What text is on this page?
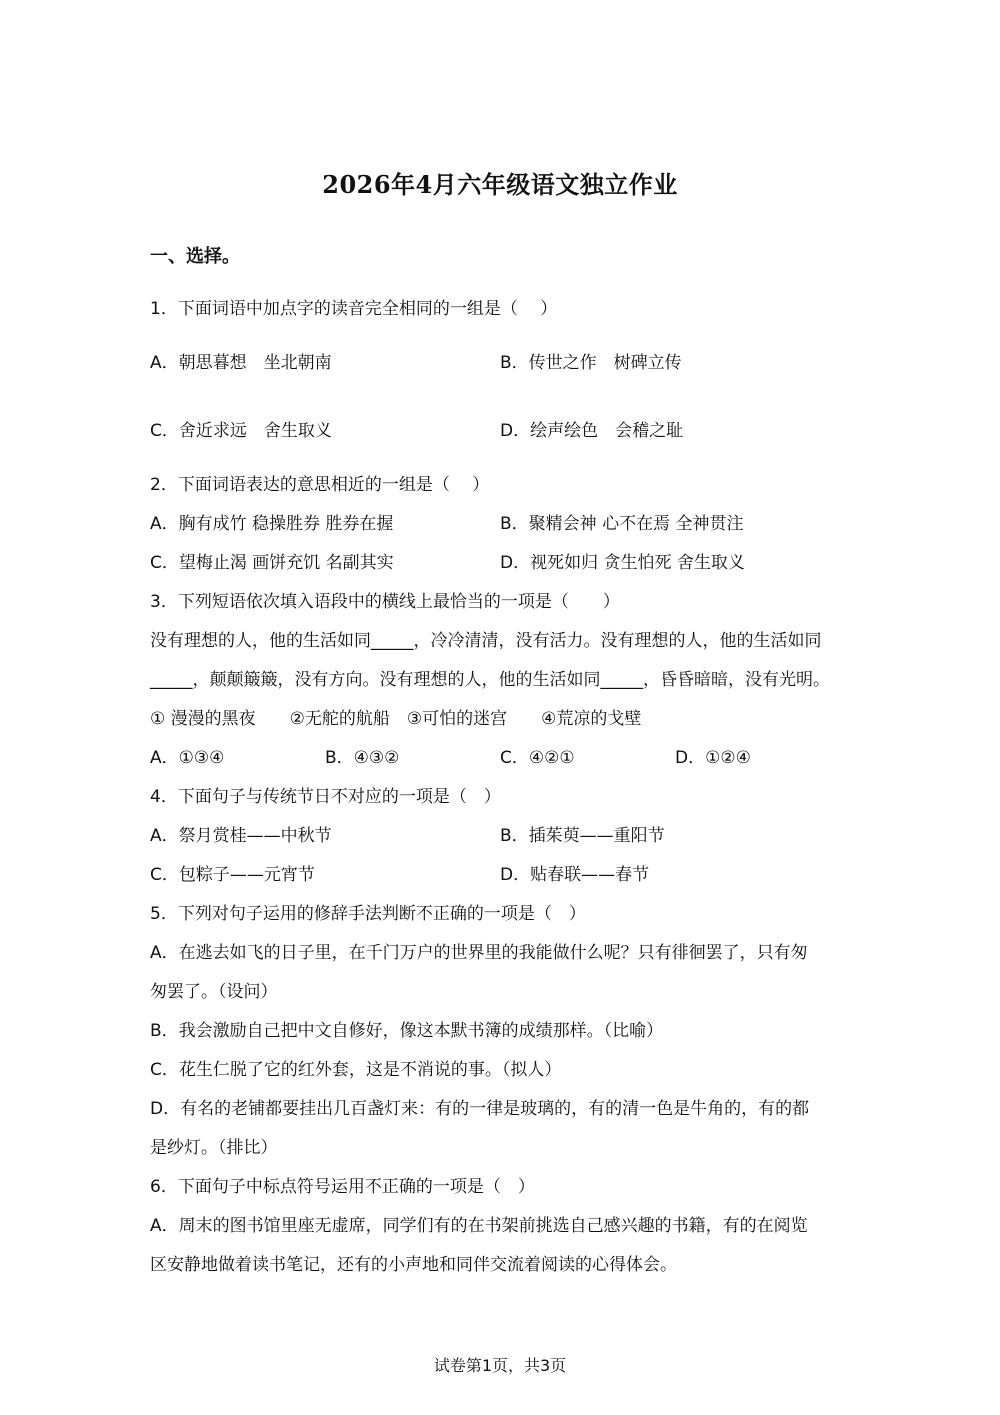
2026年4月六年级语文独立作业
一、选择。
1．下面词语中加点字的读音完全相同的一组是（　 ）
A．朝思暮想　坐北朝南	B．传世之作　树碑立传
C．舍近求远　舍生取义	D．绘声绘色　会稽之耻
2．下面词语表达的意思相近的一组是（　 ）
A．胸有成竹 稳操胜券 胜券在握	B．聚精会神 心不在焉 全神贯注
C．望梅止渴 画饼充饥 名副其实	D．视死如归 贪生怕死 舍生取义
3．下列短语依次填入语段中的横线上最恰当的一项是（　　）
没有理想的人，他的生活如同_____，冷冷清清，没有活力。没有理想的人，他的生活如同
_____，颠颠簸簸，没有方向。没有理想的人，他的生活如同_____，昏昏暗暗，没有光明。
① 漫漫的黑夜　　②无舵的航船　③可怕的迷宫　　④荒凉的戈壁
A．①③④	B．④③②	C．④②①	D．①②④
4．下面句子与传统节日不对应的一项是（　）
A．祭月赏桂——中秋节	B．插茱萸——重阳节
C．包粽子——元宵节	D．贴春联——春节
5．下列对句子运用的修辞手法判断不正确的一项是（　）
A．在逃去如飞的日子里，在千门万户的世界里的我能做什么呢？只有徘徊罢了，只有匆
匆罢了。（设问）
B．我会激励自己把中文自修好，像这本默书簿的成绩那样。（比喻）
C．花生仁脱了它的红外套，这是不消说的事。（拟人）
D．有名的老铺都要挂出几百盏灯来：有的一律是玻璃的，有的清一色是牛角的，有的都
是纱灯。（排比）
6．下面句子中标点符号运用不正确的一项是（　）
A．周末的图书馆里座无虚席，同学们有的在书架前挑选自己感兴趣的书籍，有的在阅览
区安静地做着读书笔记，还有的小声地和同伴交流着阅读的心得体会。
试卷第1页，共3页
